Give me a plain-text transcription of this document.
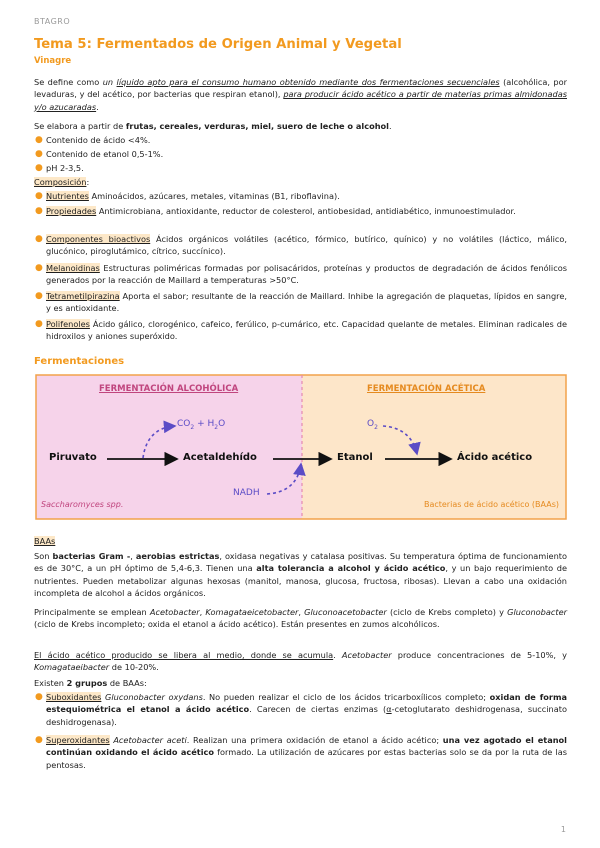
BTAGRO
Tema 5: Fermentados de Origen Animal y Vegetal
Vinagre
Se define como un líquido apto para el consumo humano obtenido mediante dos fermentaciones secuenciales (alcohólica, por levaduras, y del acético, por bacterias que respiran etanol), para producir ácido acético a partir de materias primas almidonadas y/o azucaradas.
Se elabora a partir de frutas, cereales, verduras, miel, suero de leche o alcohol.
● Contenido de ácido <4%.
● Contenido de etanol 0,5-1%.
● pH 2-3,5.
Composición:
● Nutrientes Aminoácidos, azúcares, metales, vitaminas (B1, riboflavina).
● Propiedades Antimicrobiana, antioxidante, reductor de colesterol, antiobesidad, antidiabético, inmunoestimulador.
● Componentes bioactivos Ácidos orgánicos volátiles (acético, fórmico, butírico, quínico) y no volátiles (láctico, málico, glucónico, piroglutámico, cítrico, succínico).
● Melanoidinas Estructuras poliméricas formadas por polisacáridos, proteínas y productos de degradación de ácidos fenólicos generados por la reacción de Maillard a temperaturas >50°C.
● Tetrametilpirazina Aporta el sabor; resultante de la reacción de Maillard. Inhibe la agregación de plaquetas, lípidos en sangre, y es antioxidante.
● Polifenoles Ácido gálico, clorogénico, cafeico, ferúlico, p-cumárico, etc. Capacidad quelante de metales. Eliminan radicales de hidroxilos y aniones superóxido.
Fermentaciones
FERMENTACIÓN ALCOHÓLICA	FERMENTACIÓN ACÉTICA
Piruvato	Acetaldehído	Etanol	Ácido acético
$CO_2 + H_2O$	$O_2$
NADH
Saccharomyces spp.	Bacterias de ácido acético (BAAs)
BAAs
Son bacterias Gram -, aerobias estrictas, oxidasa negativas y catalasa positivas. Su temperatura óptima de funcionamiento es de 30°C, a un pH óptimo de 5,4-6,3. Tienen una alta tolerancia a alcohol y ácido acético, y un bajo requerimiento de nutrientes. Pueden metabolizar algunas hexosas (manitol, manosa, glucosa, fructosa, ribosas). Llevan a cabo una oxidación incompleta de alcohol a ácidos orgánicos.
Principalmente se emplean Acetobacter, Komagataeicetobacter, Gluconoacetobacter (ciclo de Krebs completo) y Gluconobacter (ciclo de Krebs incompleto; oxida el etanol a ácido acético). Están presentes en zumos alcohólicos.
El ácido acético producido se libera al medio, donde se acumula. Acetobacter produce concentraciones de 5-10%, y Komagataeibacter de 10-20%.
Existen 2 grupos de BAAs:
● Suboxidantes Gluconobacter oxydans. No pueden realizar el ciclo de los ácidos tricarboxílicos completo; oxidan de forma estequiométrica el etanol a ácido acético. Carecen de ciertas enzimas (α-cetoglutarato deshidrogenasa, succinato deshidrogenasa).
● Superoxidantes Acetobacter aceti. Realizan una primera oxidación de etanol a ácido acético; una vez agotado el etanol continúan oxidando el ácido acético formado. La utilización de azúcares por estas bacterias solo se da por la ruta de las pentosas.
1
